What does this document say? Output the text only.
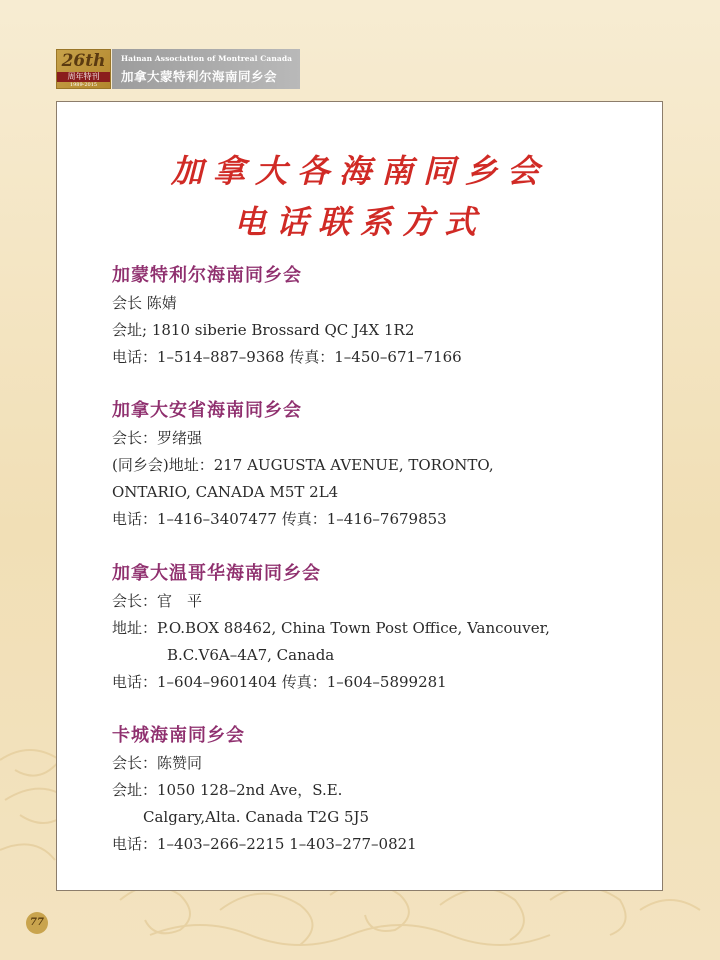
26th
周年特刊
1989-2015
Hainan Association of Montreal Canada
加拿大蒙特利尔海南同乡会
加拿大各海南同乡会
电话联系方式
加蒙特利尔海南同乡会
会长 陈婧
会址; 1810 siberie Brossard QC J4X 1R2
电话：1–514–887–9368 传真：1–450–671–7166
加拿大安省海南同乡会
会长：罗绪强
(同乡会)地址：217 AUGUSTA AVENUE, TORONTO,
ONTARIO, CANADA M5T 2L4
电话：1–416–3407477 传真：1–416–7679853
加拿大温哥华海南同乡会
会长：官　平
地址：P.O.BOX 88462, China Town Post Office, Vancouver,
B.C.V6A–4A7, Canada
电话：1–604–9601404 传真：1–604–5899281
卡城海南同乡会
会长：陈赞同
会址：1050 128–2nd Ave，S.E.
Calgary,Alta. Canada T2G 5J5
电话：1–403–266–2215 1–403–277–0821
77
